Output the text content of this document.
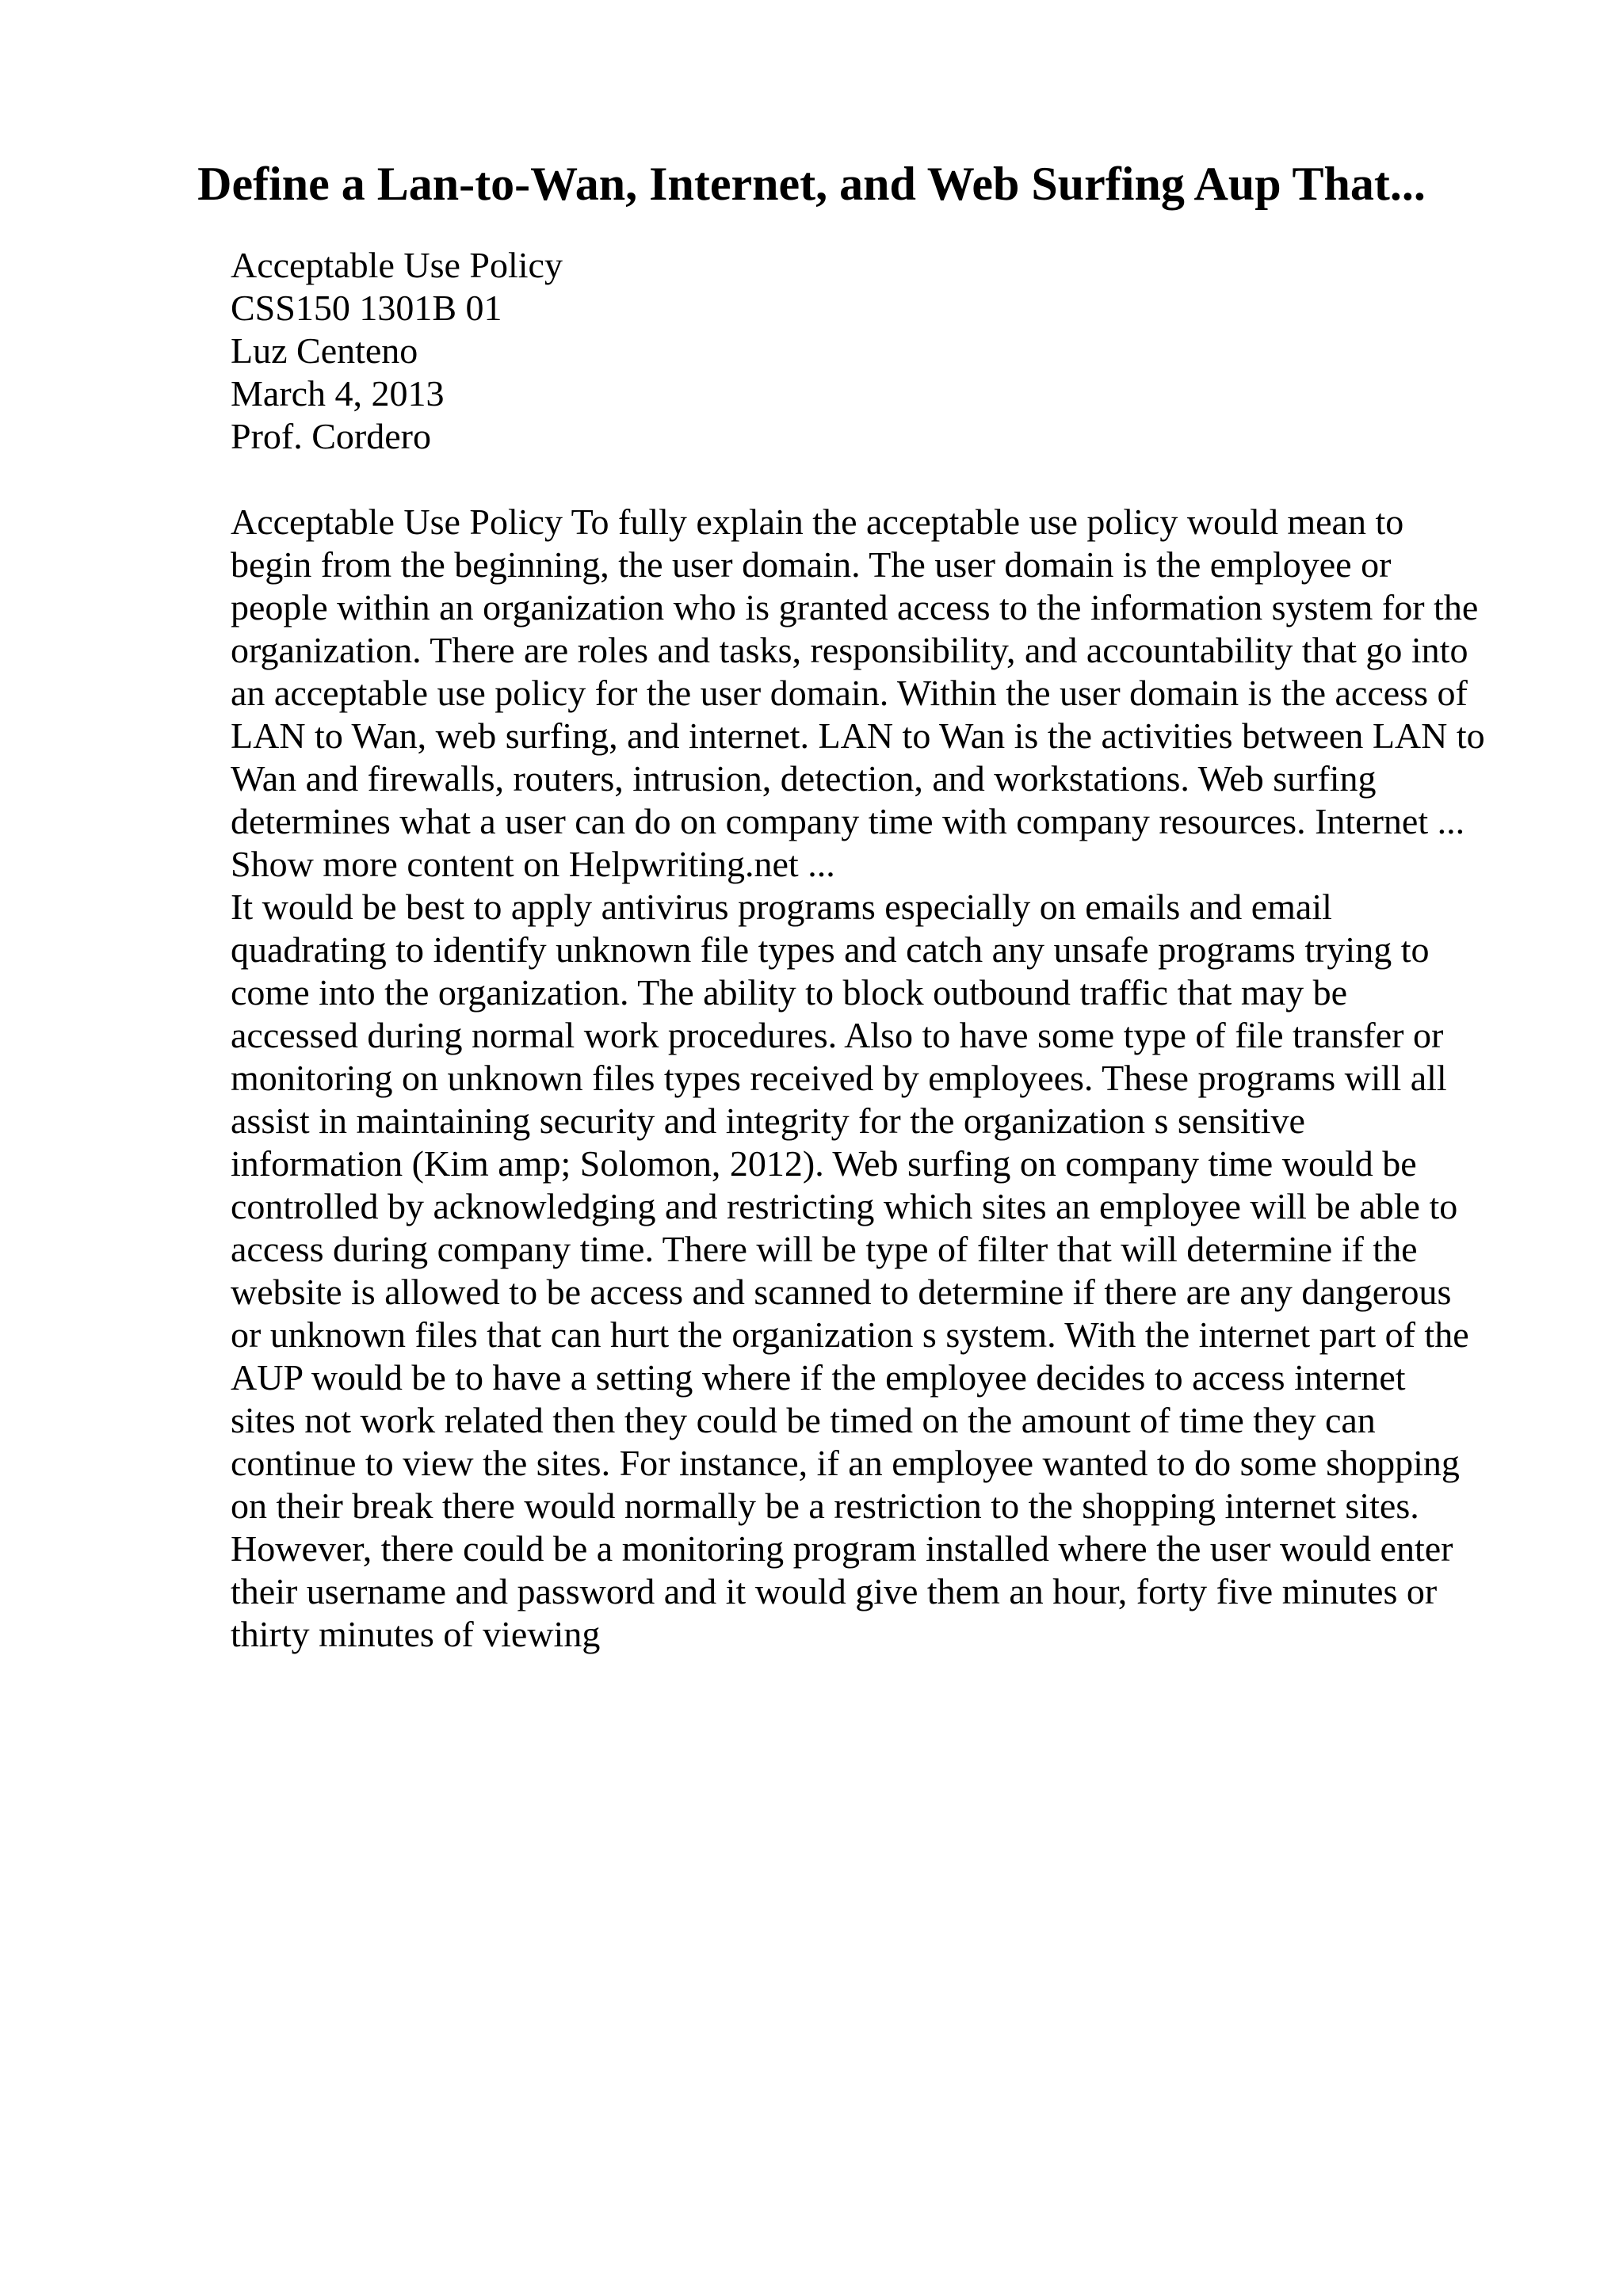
Define a Lan-to-Wan, Internet, and Web Surfing Aup That...
Acceptable Use Policy
CSS150 1301B 01
Luz Centeno
March 4, 2013
Prof. Cordero
Acceptable Use Policy To fully explain the acceptable use policy would mean to
begin from the beginning, the user domain. The user domain is the employee or
people within an organization who is granted access to the information system for the
organization. There are roles and tasks, responsibility, and accountability that go into
an acceptable use policy for the user domain. Within the user domain is the access of
LAN to Wan, web surfing, and internet. LAN to Wan is the activities between LAN to
Wan and firewalls, routers, intrusion, detection, and workstations. Web surfing
determines what a user can do on company time with company resources. Internet ...
Show more content on Helpwriting.net ...
It would be best to apply antivirus programs especially on emails and email
quadrating to identify unknown file types and catch any unsafe programs trying to
come into the organization. The ability to block outbound traffic that may be
accessed during normal work procedures. Also to have some type of file transfer or
monitoring on unknown files types received by employees. These programs will all
assist in maintaining security and integrity for the organization s sensitive
information (Kim amp; Solomon, 2012). Web surfing on company time would be
controlled by acknowledging and restricting which sites an employee will be able to
access during company time. There will be type of filter that will determine if the
website is allowed to be access and scanned to determine if there are any dangerous
or unknown files that can hurt the organization s system. With the internet part of the
AUP would be to have a setting where if the employee decides to access internet
sites not work related then they could be timed on the amount of time they can
continue to view the sites. For instance, if an employee wanted to do some shopping
on their break there would normally be a restriction to the shopping internet sites.
However, there could be a monitoring program installed where the user would enter
their username and password and it would give them an hour, forty five minutes or
thirty minutes of viewing
